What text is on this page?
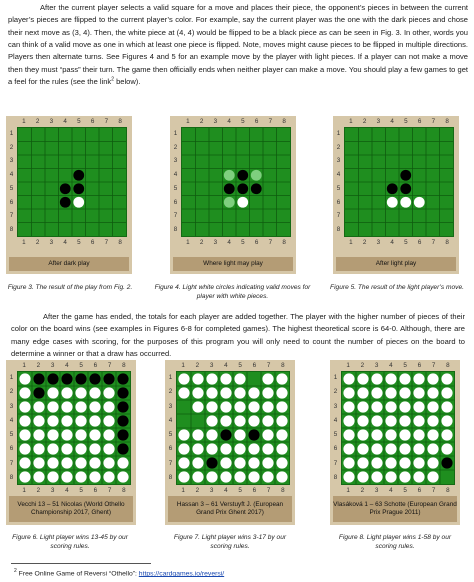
After the current player selects a valid square for a move and places their piece, the opponent’s pieces in between the current player’s pieces are flipped to the current player’s color. For example, say the current player was the one with the dark pieces and chose their next move as (3, 4). Then, the white piece at (4, 4) would be flipped to be a black piece as can be seen in Fig. 3. In other, words you can think of a valid move as one in which at least one piece is flipped. Note, moves might cause pieces to be flipped in multiple directions. Players then alternate turns. See Figures 4 and 5 for an example move by the player with light pieces. If a player can not make a move then they must “pass” their turn. The game then officially ends when neither player can make a move. You should play a few games to get a feel for the rules (see the link$^2$ below).

1	2	3	4	5	6	7	8
1	2	3	4	5	6	7	8
1
2
3
4
5
6
7
8
After dark play
1	2	3	4	5	6	7	8
1	2	3	4	5	6	7	8
1
2
3
4
5
6
7
8
Where light may play
1	2	3	4	5	6	7	8
1	2	3	4	5	6	7	8
1
2
3
4
5
6
7
8
After light play
Figure 3. The result of the play from Fig. 2.	Figure 4. Light white circles indicating valid moves for player with white pieces.
Figure 5. The result of the light player’s move.

After the game has ended, the totals for each player are added together. The player with the higher number of pieces of their color on the board wins (see examples in Figures 6-8 for completed games). The highest theoretical score is 64-0. Although, there are many edge cases with scoring, for the purposes of this program you will only need to count the number of pieces on the board to determine a winner or that a draw has occurred.

1	2	3	4	5	6	7	8
1	2	3	4	5	6	7	8
1
2
3
4
5
6
7
8
Vecchi 13 – 51 Nicolas (World Othello Championship 2017, Ghent)
1	2	3	4	5	6	7	8
1	2	3	4	5	6	7	8
1
2
3
4
5
6
7
8
Hassan 3 – 61 Verstuyft J. (European Grand Prix Ghent 2017)
1	2	3	4	5	6	7	8
1	2	3	4	5	6	7	8
1
2
3
4
5
6
7
8
Vlasáková 1 – 63 Schotte (European Grand Prix Prague 2011)
Figure 6. Light player wins 13-45 by our scoring rules.
Figure 7. Light player wins 3-17 by our scoring rules.
Figure 8. Light player wins 1-58 by our scoring rules.
$^2$ Free Online Game of Reversi “Othello”: https://cardgames.io/reversi/
